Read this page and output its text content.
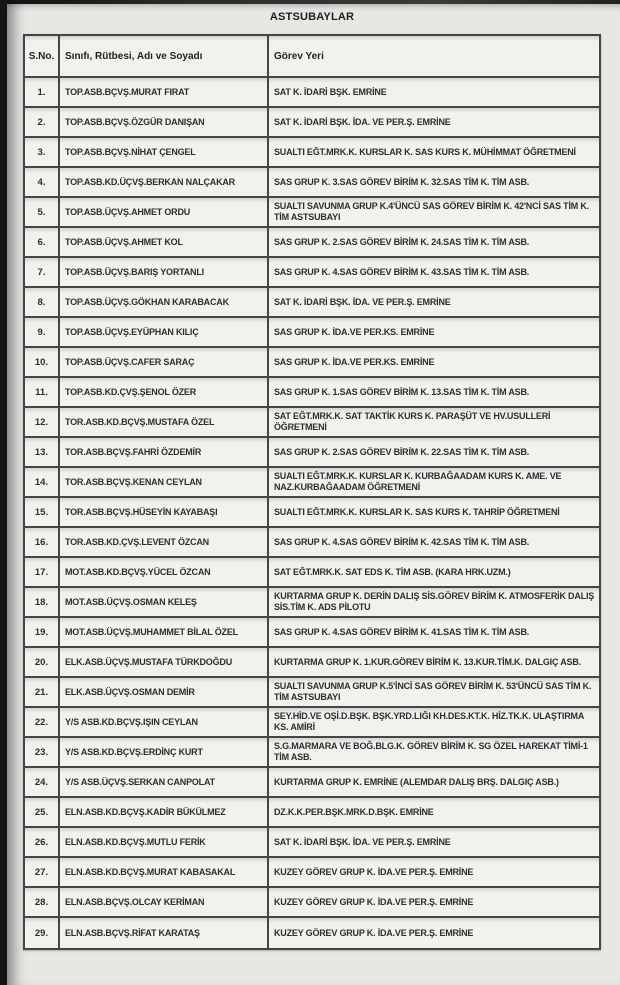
ASTSUBAYLAR
S.No. Sınıfı, Rütbesi, Adı ve Soyadı	Görev Yeri
1. TOP.ASB.BÇVŞ.MURAT FIRAT	SAT K. İDARİ BŞK. EMRİNE
2. TOP.ASB.BÇVŞ.ÖZGÜR DANIŞAN	SAT K. İDARİ BŞK. İDA. VE PER.Ş. EMRİNE
3. TOP.ASB.BÇVŞ.NİHAT ÇENGEL	SUALTI EĞT.MRK.K. KURSLAR K. SAS KURS K. MÜHİMMAT ÖĞRETMENİ
4. TOP.ASB.KD.ÜÇVŞ.BERKAN NALÇAKAR	SAS GRUP K. 3.SAS GÖREV BİRİM K. 32.SAS TİM K. TİM ASB.
5. TOP.ASB.ÜÇVŞ.AHMET ORDU
SUALTI SAVUNMA GRUP K.4'ÜNCÜ SAS GÖREV BİRİM K. 42'NCİ SAS TİM K. TİM ASTSUBAYI
6. TOP.ASB.ÜÇVŞ.AHMET KOL	SAS GRUP K. 2.SAS GÖREV BİRİM K. 24.SAS TİM K. TİM ASB.
7. TOP.ASB.ÜÇVŞ.BARIŞ YORTANLI	SAS GRUP K. 4.SAS GÖREV BİRİM K. 43.SAS TİM K. TİM ASB.
8. TOP.ASB.ÜÇVŞ.GÖKHAN KARABACAK	SAT K. İDARİ BŞK. İDA. VE PER.Ş. EMRİNE
9. TOP.ASB.ÜÇVŞ.EYÜPHAN KILIÇ	SAS GRUP K. İDA.VE PER.KS. EMRİNE
10. TOP.ASB.ÜÇVŞ.CAFER SARAÇ	SAS GRUP K. İDA.VE PER.KS. EMRİNE
11. TOP.ASB.KD.ÇVŞ.ŞENOL ÖZER	SAS GRUP K. 1.SAS GÖREV BİRİM K. 13.SAS TİM K. TİM ASB.
12. TOR.ASB.KD.BÇVŞ.MUSTAFA ÖZEL
SAT EĞT.MRK.K. SAT TAKTİK KURS K. PARAŞÜT VE HV.USULLERİ ÖĞRETMENİ
13. TOR.ASB.BÇVŞ.FAHRİ ÖZDEMİR	SAS GRUP K. 2.SAS GÖREV BİRİM K. 22.SAS TİM K. TİM ASB.
14. TOR.ASB.BÇVŞ.KENAN CEYLAN
SUALTI EĞT.MRK.K. KURSLAR K. KURBAĞAADAM KURS K. AME. VE NAZ.KURBAĞAADAM ÖĞRETMENİ
15. TOR.ASB.BÇVŞ.HÜSEYİN KAYABAŞI	SUALTI EĞT.MRK.K. KURSLAR K. SAS KURS K. TAHRİP ÖĞRETMENİ
16. TOR.ASB.KD.ÇVŞ.LEVENT ÖZCAN	SAS GRUP K. 4.SAS GÖREV BİRİM K. 42.SAS TİM K. TİM ASB.
17. MOT.ASB.KD.BÇVŞ.YÜCEL ÖZCAN	SAT EĞT.MRK.K. SAT EDS K. TİM ASB. (KARA HRK.UZM.)
18. MOT.ASB.ÜÇVŞ.OSMAN KELEŞ
KURTARMA GRUP K. DERİN DALIŞ SİS.GÖREV BİRİM K. ATMOSFERİK DALIŞ SİS.TİM K. ADS PİLOTU
19. MOT.ASB.ÜÇVŞ.MUHAMMET BİLAL ÖZEL	SAS GRUP K. 4.SAS GÖREV BİRİM K. 41.SAS TİM K. TİM ASB.
20. ELK.ASB.ÜÇVŞ.MUSTAFA TÜRKDOĞDU	KURTARMA GRUP K. 1.KUR.GÖREV BİRİM K. 13.KUR.TİM.K. DALGIÇ ASB.
21. ELK.ASB.ÜÇVŞ.OSMAN DEMİR
SUALTI SAVUNMA GRUP K.5'İNCİ SAS GÖREV BİRİM K. 53'ÜNCÜ SAS TİM K. TİM ASTSUBAYI
22. Y/S ASB.KD.BÇVŞ.IŞIN CEYLAN
SEY.HİD.VE OŞİ.D.BŞK. BŞK.YRD.LIĞI KH.DES.KT.K. HİZ.TK.K. ULAŞTIRMA KS. AMİRİ
23. Y/S ASB.KD.BÇVŞ.ERDİNÇ KURT
S.G.MARMARA VE BOĞ.BLG.K. GÖREV BİRİM K. SG ÖZEL HAREKAT TİMİ-1 TİM ASB.
24. Y/S ASB.ÜÇVŞ.SERKAN CANPOLAT	KURTARMA GRUP K. EMRİNE (ALEMDAR DALIŞ BRŞ. DALGIÇ ASB.)
25. ELN.ASB.KD.BÇVŞ.KADİR BÜKÜLMEZ	DZ.K.K.PER.BŞK.MRK.D.BŞK. EMRİNE
26. ELN.ASB.KD.BÇVŞ.MUTLU FERİK	SAT K. İDARİ BŞK. İDA. VE PER.Ş. EMRİNE
27. ELN.ASB.KD.BÇVŞ.MURAT KABASAKAL	KUZEY GÖREV GRUP K. İDA.VE PER.Ş. EMRİNE
28. ELN.ASB.BÇVŞ.OLCAY KERİMAN	KUZEY GÖREV GRUP K. İDA.VE PER.Ş. EMRİNE
29. ELN.ASB.BÇVŞ.RİFAT KARATAŞ	KUZEY GÖREV GRUP K. İDA.VE PER.Ş. EMRİNE
